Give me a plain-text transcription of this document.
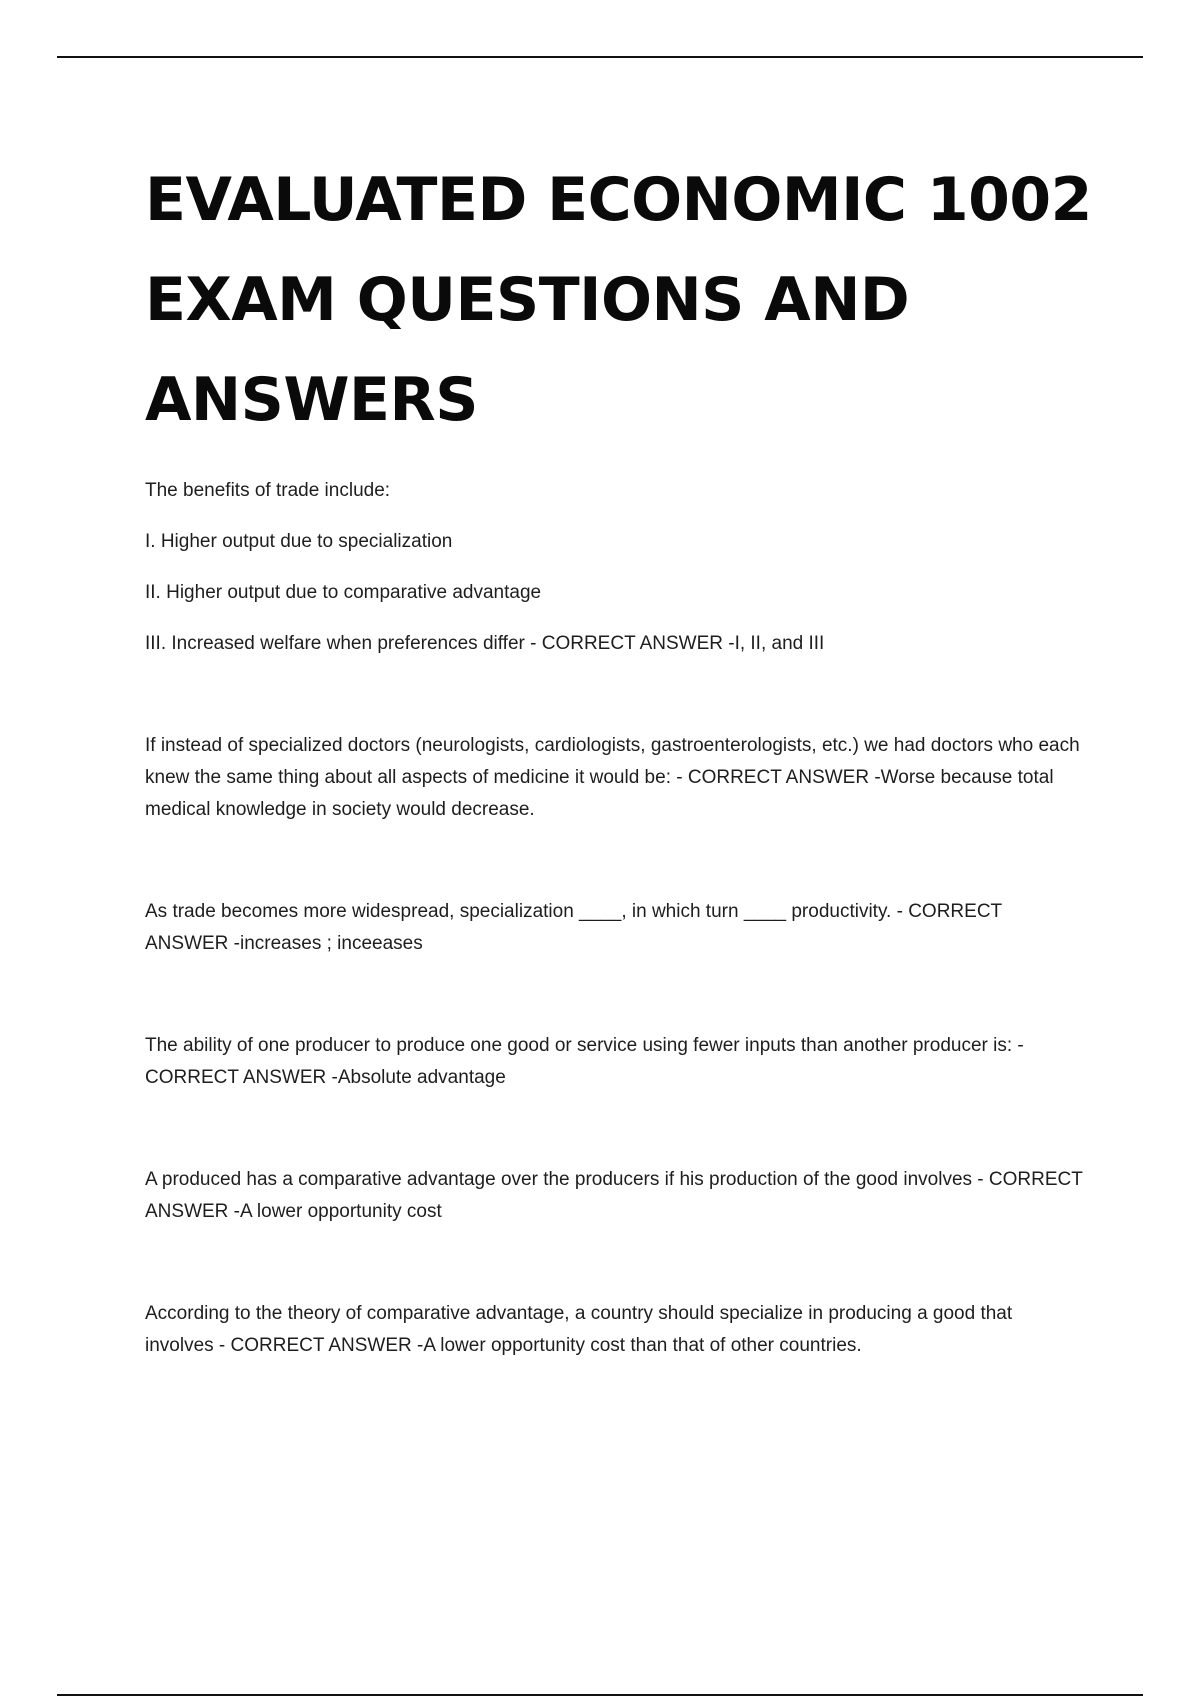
EVALUATED ECONOMIC 1002
EXAM QUESTIONS AND
ANSWERS

The benefits of trade include:

I. Higher output due to specialization

II. Higher output due to comparative advantage

III. Increased welfare when preferences differ - CORRECT ANSWER -I, II, and III

If instead of specialized doctors (neurologists, cardiologists, gastroenterologists, etc.) we had doctors who each knew the same thing about all aspects of medicine it would be: - CORRECT ANSWER -Worse because total medical knowledge in society would decrease.

As trade becomes more widespread, specialization ____, in which turn ____ productivity. - CORRECT ANSWER -increases ; inceeases

The ability of one producer to produce one good or service using fewer inputs than another producer is: - CORRECT ANSWER -Absolute advantage

A produced has a comparative advantage over the producers if his production of the good involves - CORRECT ANSWER -A lower opportunity cost

According to the theory of comparative advantage, a country should specialize in producing a good that involves - CORRECT ANSWER -A lower opportunity cost than that of other countries.
